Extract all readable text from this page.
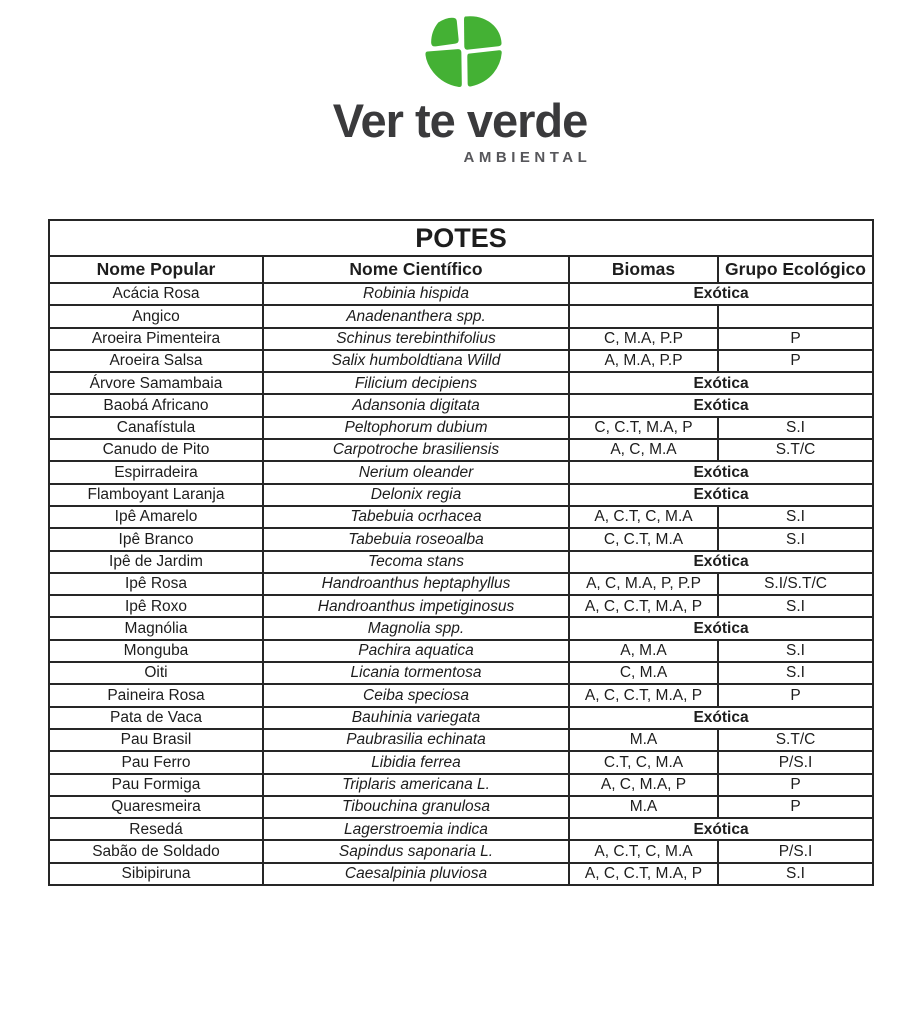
Ver te verde
AMBIENTAL
POTES			
Nome Popular	Nome Científico	Biomas	Grupo Ecológico
Acácia Rosa	Robinia hispida	Exótica	
Angico	Anadenanthera spp.		
Aroeira Pimenteira	Schinus terebinthifolius	C, M.A, P.P	P
Aroeira Salsa	Salix humboldtiana Willd	A, M.A, P.P	P
Árvore Samambaia	Filicium decipiens	Exótica	
Baobá Africano	Adansonia digitata	Exótica	
Canafístula	Peltophorum dubium	C, C.T, M.A, P	S.I
Canudo de Pito	Carpotroche brasiliensis	A, C, M.A	S.T/C
Espirradeira	Nerium oleander	Exótica	
Flamboyant Laranja	Delonix regia	Exótica	
Ipê Amarelo	Tabebuia ocrhacea	A, C.T, C, M.A	S.I
Ipê Branco	Tabebuia roseoalba	C, C.T, M.A	S.I
Ipê de Jardim	Tecoma stans	Exótica	
Ipê Rosa	Handroanthus heptaphyllus	A, C, M.A, P, P.P	S.I/S.T/C
Ipê Roxo	Handroanthus impetiginosus	A, C, C.T, M.A, P	S.I
Magnólia	Magnolia spp.	Exótica	
Monguba	Pachira aquatica	A, M.A	S.I
Oiti	Licania tormentosa	C, M.A	S.I
Paineira Rosa	Ceiba speciosa	A, C, C.T, M.A, P	P
Pata de Vaca	Bauhinia variegata	Exótica	
Pau Brasil	Paubrasilia echinata	M.A	S.T/C
Pau Ferro	Libidia ferrea	C.T, C, M.A	P/S.I
Pau Formiga	Triplaris americana L.	A, C, M.A, P	P
Quaresmeira	Tibouchina granulosa	M.A	P
Resedá	Lagerstroemia indica	Exótica	
Sabão de Soldado	Sapindus saponaria L.	A, C.T, C, M.A	P/S.I
Sibipiruna	Caesalpinia pluviosa	A, C, C.T, M.A, P	S.I
